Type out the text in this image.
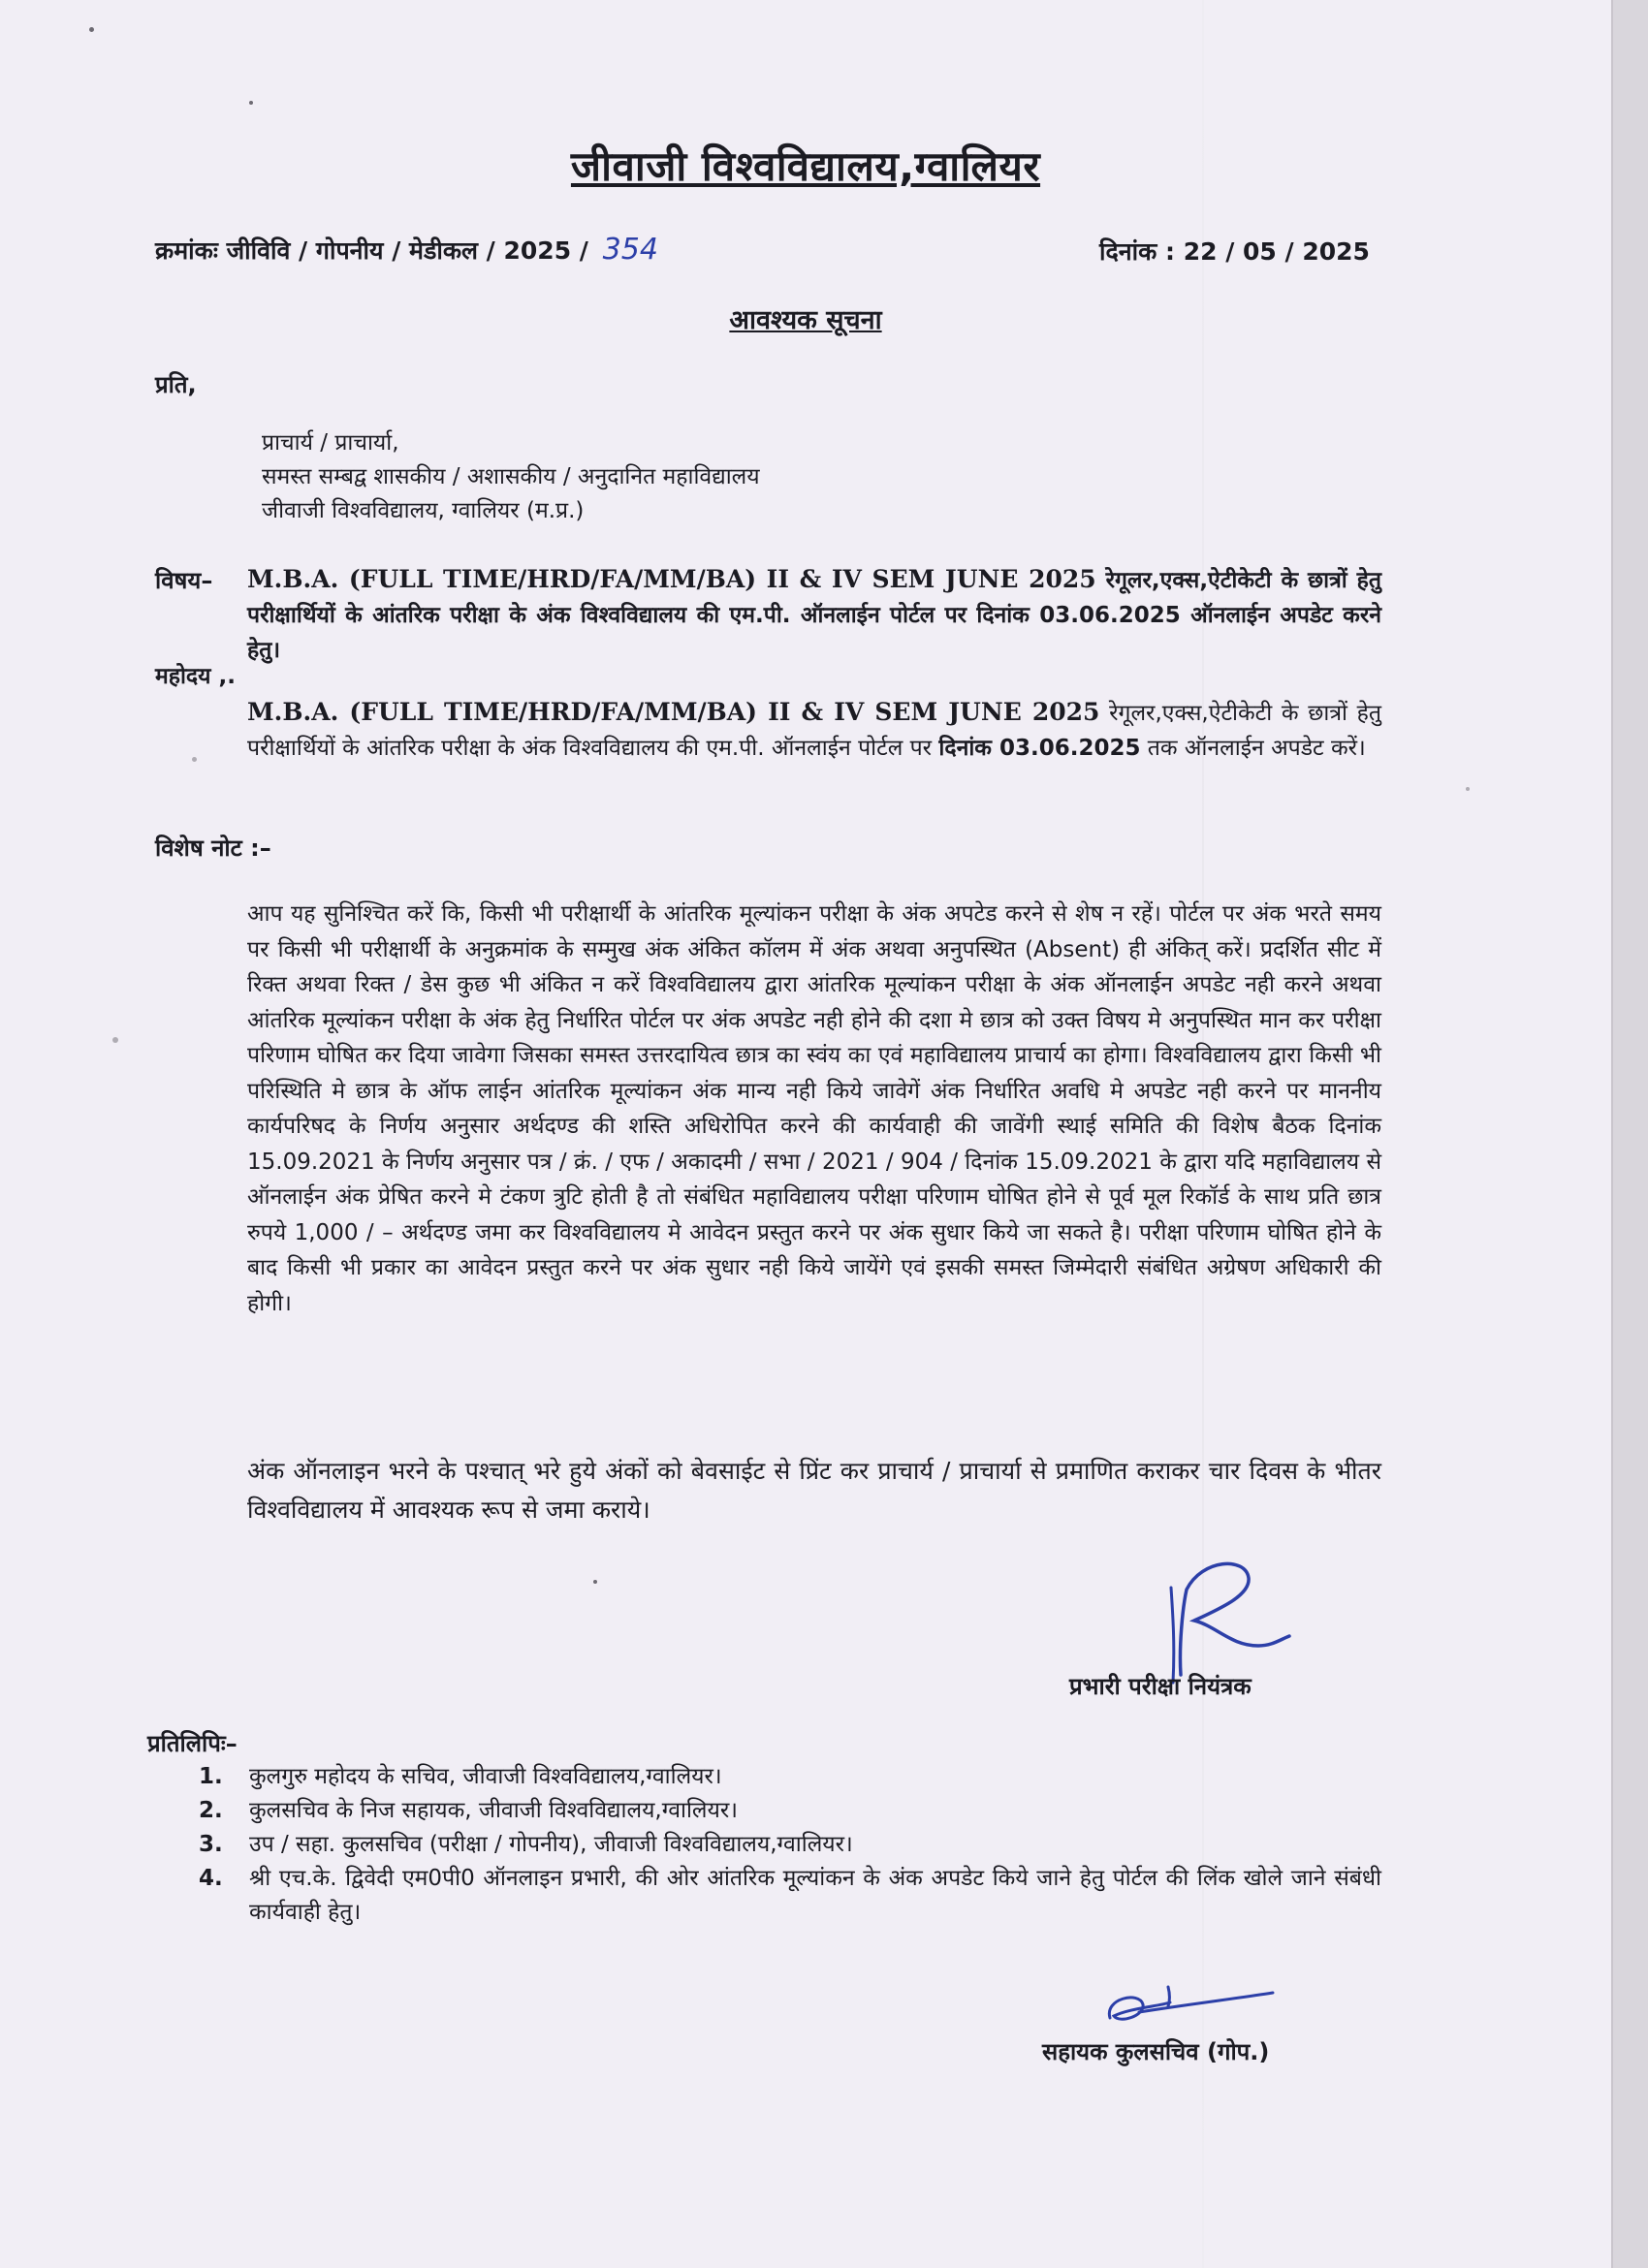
जीवाजी विश्वविद्यालय,ग्वालियर
क्रमांकः जीविवि / गोपनीय / मेडीकल / 2025 / 354	दिनांक : 22 / 05 / 2025
आवश्यक सूचना
प्रति,
प्राचार्य / प्राचार्या,
समस्त सम्बद्व शासकीय / अशासकीय / अनुदानित महाविद्यालय
जीवाजी विश्वविद्यालय, ग्वालियर (म.प्र.)
विषय– M.B.A. (FULL TIME/HRD/FA/MM/BA) II & IV SEM JUNE 2025 रेगूलर,एक्स,ऐटीकेटी के छात्रों हेतु परीक्षार्थियों के आंतरिक परीक्षा के अंक विश्वविद्यालय की एम.पी. ऑनलाईन पोर्टल पर दिनांक 03.06.2025 ऑनलाईन अपडेट करने हेतु।
महोदय ,.
M.B.A. (FULL TIME/HRD/FA/MM/BA) II & IV SEM JUNE 2025 रेगूलर,एक्स,ऐटीकेटी के छात्रों हेतु परीक्षार्थियों के आंतरिक परीक्षा के अंक विश्वविद्यालय की एम.पी. ऑनलाईन पोर्टल पर दिनांक 03.06.2025 तक ऑनलाईन अपडेट करें।
विशेष नोट :–
आप यह सुनिश्चित करें कि, किसी भी परीक्षार्थी के आंतरिक मूल्यांकन परीक्षा के अंक अपटेड करने से शेष न रहें। पोर्टल पर अंक भरते समय पर किसी भी परीक्षार्थी के अनुक्रमांक के सम्मुख अंक अंकित कॉलम में अंक अथवा अनुपस्थित (Absent) ही अंकित् करें। प्रदर्शित सीट में रिक्त अथवा रिक्त / डेस कुछ भी अंकित न करें विश्वविद्यालय द्वारा आंतरिक मूल्यांकन परीक्षा के अंक ऑनलाईन अपडेट नही करने अथवा आंतरिक मूल्यांकन परीक्षा के अंक हेतु निर्धारित पोर्टल पर अंक अपडेट नही होने की दशा मे छात्र को उक्त विषय मे अनुपस्थित मान कर परीक्षा परिणाम घोषित कर दिया जावेगा जिसका समस्त उत्तरदायित्व छात्र का स्वंय का एवं महाविद्यालय प्राचार्य का होगा। विश्वविद्यालय द्वारा किसी भी परिस्थिति मे छात्र के ऑफ लाईन आंतरिक मूल्यांकन अंक मान्य नही किये जावेगें अंक निर्धारित अवधि मे अपडेट नही करने पर माननीय कार्यपरिषद के निर्णय अनुसार अर्थदण्ड की शस्ति अधिरोपित करने की कार्यवाही की जावेंगी स्थाई समिति की विशेष बैठक दिनांक 15.09.2021 के निर्णय अनुसार पत्र / क्रं. / एफ / अकादमी / सभा / 2021 / 904 / दिनांक 15.09.2021 के द्वारा यदि महाविद्यालय से ऑनलाईन अंक प्रेषित करने मे टंकण त्रुटि होती है तो संबंधित महाविद्यालय परीक्षा परिणाम घोषित होने से पूर्व मूल रिकॉर्ड के साथ प्रति छात्र रुपये 1,000 / – अर्थदण्ड जमा कर विश्वविद्यालय मे आवेदन प्रस्तुत करने पर अंक सुधार किये जा सकते है। परीक्षा परिणाम घोषित होने के बाद किसी भी प्रकार का आवेदन प्रस्तुत करने पर अंक सुधार नही किये जायेंगे एवं इसकी समस्त जिम्मेदारी संबंधित अग्रेषण अधिकारी की होगी।
अंक ऑनलाइन भरने के पश्चात् भरे हुये अंकों को बेवसाईट से प्रिंट कर प्राचार्य / प्राचार्या से प्रमाणित कराकर चार दिवस के भीतर विश्वविद्यालय में आवश्यक रूप से जमा कराये।
प्रभारी परीक्षा नियंत्रक
प्रतिलिपिः–
1.	कुलगुरु महोदय के सचिव, जीवाजी विश्वविद्यालय,ग्वालियर।
2.	कुलसचिव के निज सहायक, जीवाजी विश्वविद्यालय,ग्वालियर।
3.	उप / सहा. कुलसचिव (परीक्षा / गोपनीय), जीवाजी विश्वविद्यालय,ग्वालियर।
4.	श्री एच.के. द्विवेदी एम0पी0 ऑनलाइन प्रभारी, की ओर आंतरिक मूल्यांकन के अंक अपडेट किये जाने हेतु पोर्टल की लिंक खोले जाने संबंधी कार्यवाही हेतु।
सहायक कुलसचिव (गोप.)
